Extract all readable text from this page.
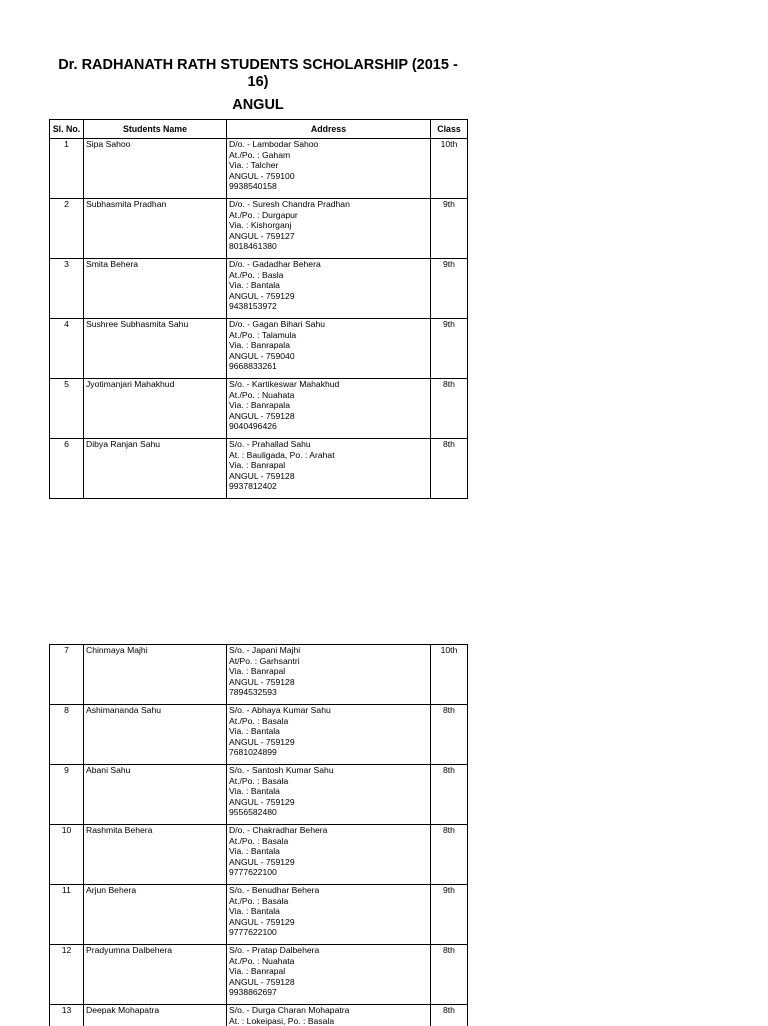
Dr. RADHANATH RATH STUDENTS SCHOLARSHIP (2015 -
16)
ANGUL
Sl. No.	Students Name	Address	Class
1	Sipa Sahoo	D/o. - Lambodar Sahoo
At./Po. : Gaham
Via. : Talcher
ANGUL - 759100
9938540158	10th
2	Subhasmita Pradhan	D/o. - Suresh Chandra Pradhan
At./Po. : Durgapur
Via. : Kishorganj
ANGUL - 759127
8018461380	9th
3	Smita Behera	D/o. - Gadadhar Behera
At./Po. : Basla
Via. : Bantala
ANGUL - 759129
9438153972	9th
4	Sushree Subhasmita Sahu	D/o. - Gagan Bihari Sahu
At./Po. : Talamula
Via. : Banrapala
ANGUL - 759040
9668833261	9th
5	Jyotimanjari Mahakhud	S/o. - Kartikeswar Mahakhud
At./Po. : Nuahata
Via. : Banrapala
ANGUL - 759128
9040496426	8th
6	Dibya Ranjan Sahu	S/o. - Prahallad Sahu
At. : Bauligada, Po. : Arahat
Via. : Banrapal
ANGUL - 759128
9937812402	8th
7	Chinmaya Majhi	S/o. - Japani Majhi
At/Po. : Garhsantri
Via. : Banrapal
ANGUL - 759128
7894532593	10th
8	Ashimananda Sahu	S/o. - Abhaya Kumar Sahu
At./Po. : Basala
Via. : Bantala
ANGUL - 759129
7681024899	8th
9	Abani Sahu	S/o. - Santosh Kumar Sahu
At./Po. : Basala
Via. : Bantala
ANGUL - 759129
9556582480	8th
10	Rashmita Behera	D/o. - Chakradhar Behera
At./Po. : Basala
Via. : Bantala
ANGUL - 759129
9777622100	8th
11	Arjun Behera	S/o. - Benudhar Behera
At./Po. : Basala
Via. : Bantala
ANGUL - 759129
9777622100	9th
12	Pradyumna Dalbehera	S/o. - Pratap Dalbehera
At./Po. : Nuahata
Via. : Banrapal
ANGUL - 759128
9938862697	8th
13	Deepak Mohapatra	S/o. - Durga Charan Mohapatra
At. : Lokeipasi, Po. : Basala	8th
